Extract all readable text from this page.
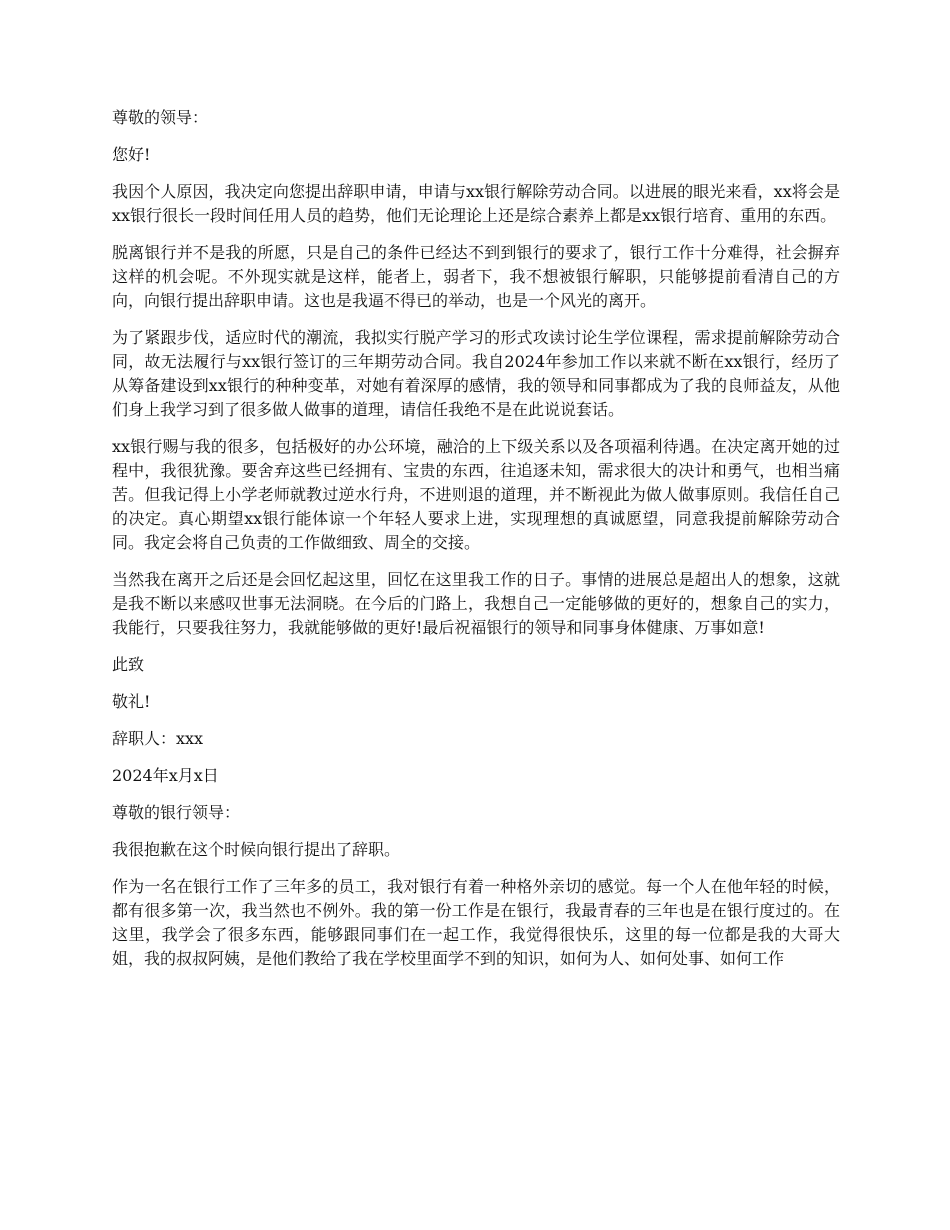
尊敬的领导：

您好!

我因个人原因，我决定向您提出辞职申请，申请与xx银行解除劳动合同。以进展的眼光来看，xx将会是xx银行很长一段时间任用人员的趋势，他们无论理论上还是综合素养上都是xx银行培育、重用的东西。

脱离银行并不是我的所愿，只是自己的条件已经达不到到银行的要求了，银行工作十分难得，社会摒弃这样的机会呢。不外现实就是这样，能者上，弱者下，我不想被银行解职，只能够提前看清自己的方向，向银行提出辞职申请。这也是我逼不得已的举动，也是一个风光的离开。

为了紧跟步伐，适应时代的潮流，我拟实行脱产学习的形式攻读讨论生学位课程，需求提前解除劳动合同，故无法履行与xx银行签订的三年期劳动合同。我自2024年参加工作以来就不断在xx银行，经历了从筹备建设到xx银行的种种变革，对她有着深厚的感情，我的领导和同事都成为了我的良师益友，从他们身上我学习到了很多做人做事的道理，请信任我绝不是在此说说套话。

xx银行赐与我的很多，包括极好的办公环境，融洽的上下级关系以及各项福利待遇。在决定离开她的过程中，我很犹豫。要舍弃这些已经拥有、宝贵的东西，往追逐未知，需求很大的决计和勇气，也相当痛苦。但我记得上小学老师就教过逆水行舟，不进则退的道理，并不断视此为做人做事原则。我信任自己的决定。真心期望xx银行能体谅一个年轻人要求上进，实现理想的真诚愿望，同意我提前解除劳动合同。我定会将自己负责的工作做细致、周全的交接。

当然我在离开之后还是会回忆起这里，回忆在这里我工作的日子。事情的进展总是超出人的想象，这就是我不断以来感叹世事无法洞晓。在今后的门路上，我想自己一定能够做的更好的，想象自己的实力，我能行，只要我往努力，我就能够做的更好!最后祝福银行的领导和同事身体健康、万事如意!

此致

敬礼!

辞职人：xxx

2024年x月x日

尊敬的银行领导：

我很抱歉在这个时候向银行提出了辞职。

作为一名在银行工作了三年多的员工，我对银行有着一种格外亲切的感觉。每一个人在他年轻的时候，都有很多第一次，我当然也不例外。我的第一份工作是在银行，我最青春的三年也是在银行度过的。在这里，我学会了很多东西，能够跟同事们在一起工作，我觉得很快乐，这里的每一位都是我的大哥大姐，我的叔叔阿姨，是他们教给了我在学校里面学不到的知识，如何为人、如何处事、如何工作
